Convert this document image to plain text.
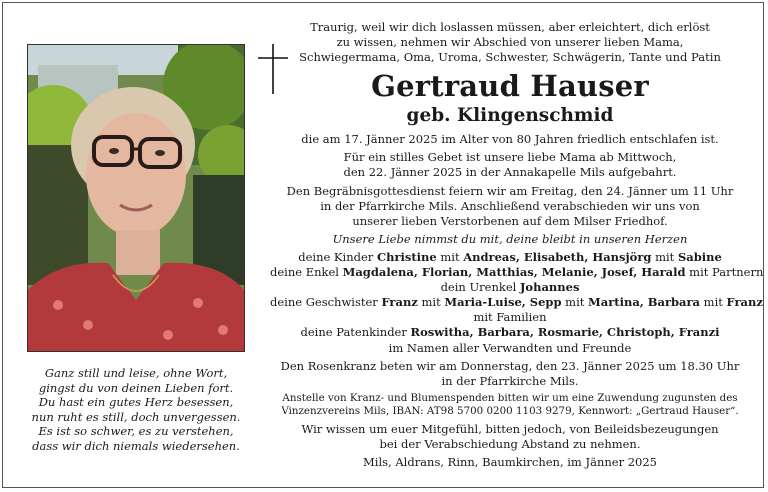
Ganz still und leise, ohne Wort,
gingst du von deinen Lieben fort.
Du hast ein gutes Herz besessen,
nun ruht es still, doch unvergessen.
Es ist so schwer, es zu verstehen,
dass wir dich niemals wiedersehen.
Traurig, weil wir dich loslassen müssen, aber erleichtert, dich erlöst
zu wissen, nehmen wir Abschied von unserer lieben Mama,
Schwiegermama, Oma, Uroma, Schwester, Schwägerin, Tante und Patin
Gertraud Hauser
geb. Klingenschmid
die am 17. Jänner 2025 im Alter von 80 Jahren friedlich entschlafen ist.
Für ein stilles Gebet ist unsere liebe Mama ab Mittwoch,
den 22. Jänner 2025 in der Annakapelle Mils aufgebahrt.
Den Begräbnisgottesdienst feiern wir am Freitag, den 24. Jänner um 11 Uhr
in der Pfarrkirche Mils. Anschließend verabschieden wir uns von
unserer lieben Verstorbenen auf dem Milser Friedhof.
Unsere Liebe nimmst du mit, deine bleibt in unseren Herzen
deine Kinder Christine mit Andreas, Elisabeth, Hansjörg mit Sabine
deine Enkel Magdalena, Florian, Matthias, Melanie, Josef, Harald mit Partnern
dein Urenkel Johannes
deine Geschwister Franz mit Maria-Luise, Sepp mit Martina, Barbara mit Franz
mit Familien
deine Patenkinder Roswitha, Barbara, Rosmarie, Christoph, Franzi
im Namen aller Verwandten und Freunde
Den Rosenkranz beten wir am Donnerstag, den 23. Jänner 2025 um 18.30 Uhr
in der Pfarrkirche Mils.
Anstelle von Kranz- und Blumenspenden bitten wir um eine Zuwendung zugunsten des
Vinzenzvereins Mils, IBAN: AT98 5700 0200 1103 9279, Kennwort: „Gertraud Hauser“.
Wir wissen um euer Mitgefühl, bitten jedoch, von Beileidsbezeugungen
bei der Verabschiedung Abstand zu nehmen.
Mils, Aldrans, Rinn, Baumkirchen, im Jänner 2025
